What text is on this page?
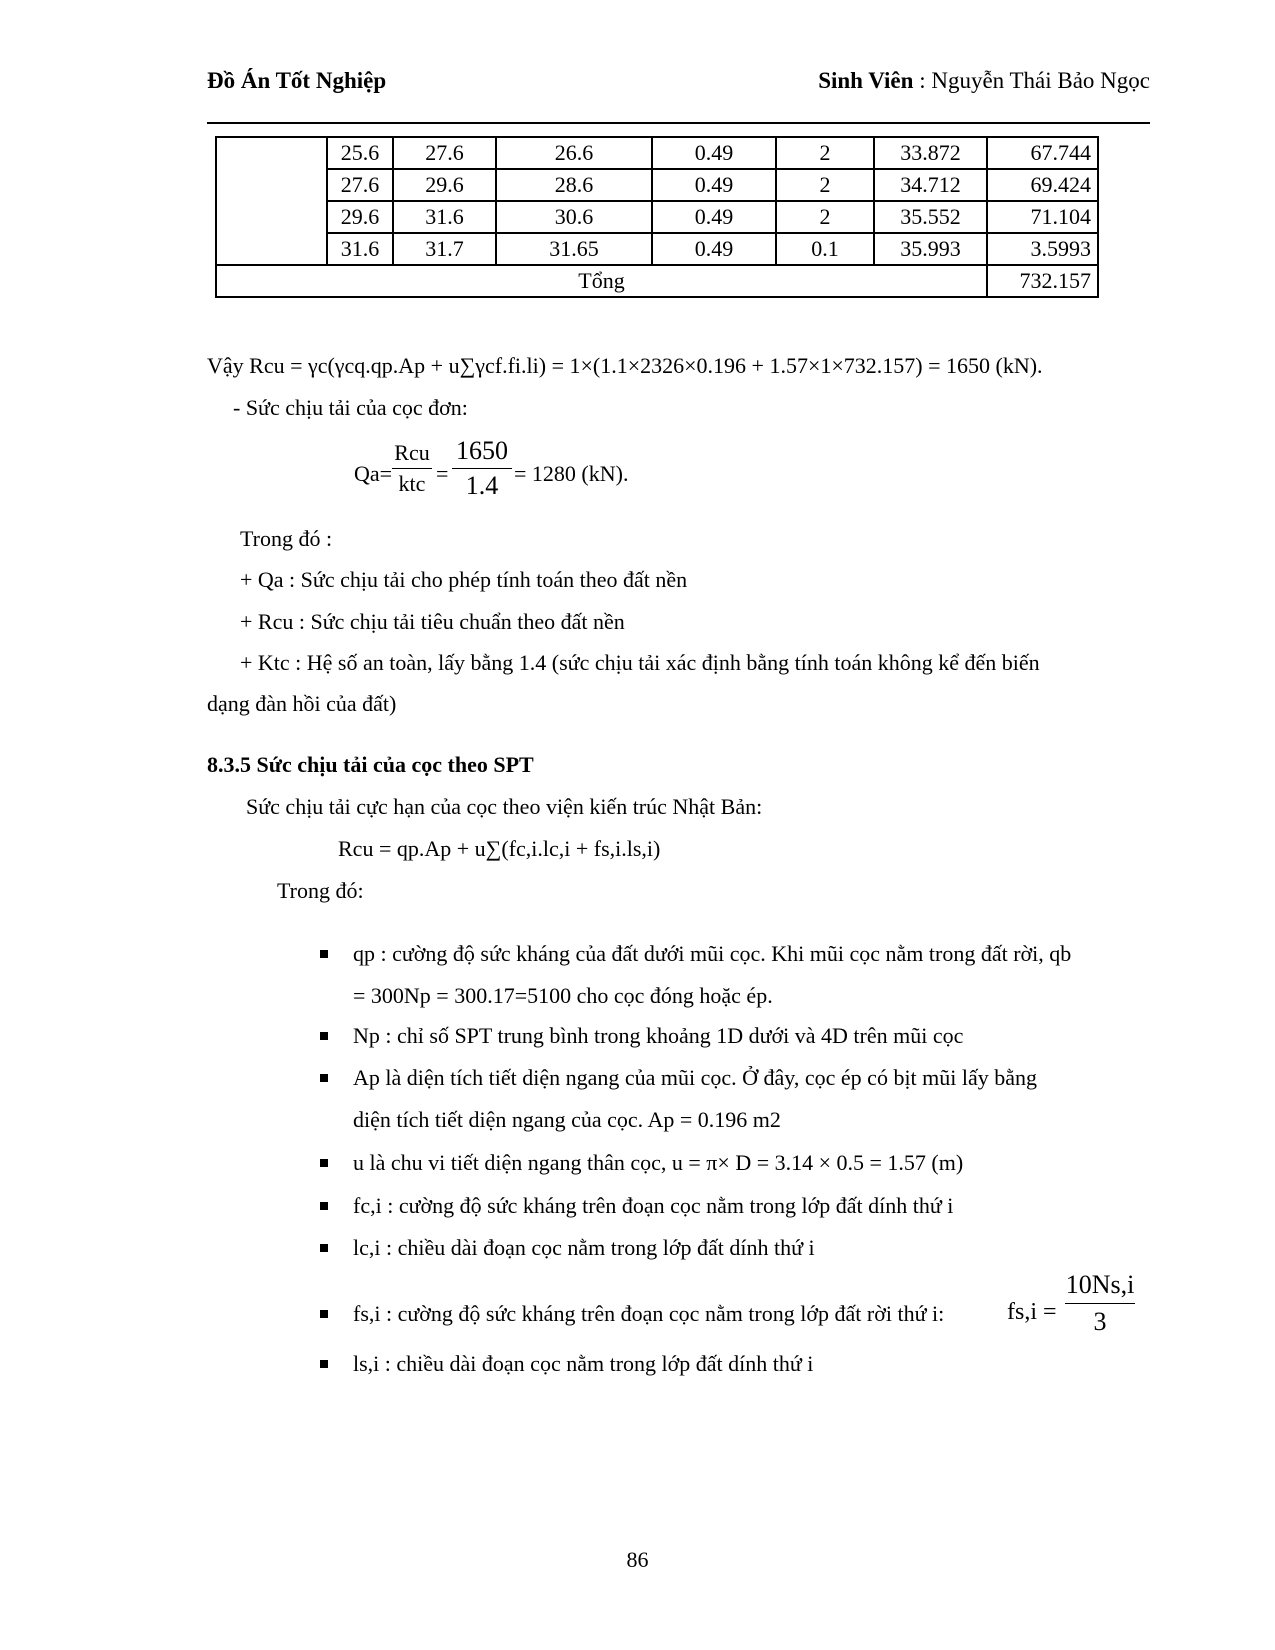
Đồ Án Tốt Nghiệp	Sinh Viên : Nguyễn Thái Bảo Ngọc
	25.6	27.6	26.6	0.49	2	33.872	67.744
	27.6	29.6	28.6	0.49	2	34.712	69.424
	29.6	31.6	30.6	0.49	2	35.552	71.104
	31.6	31.7	31.65	0.49	0.1	35.993	3.5993
Tổng							732.157
Vậy Rcu = γc(γcq.qp.Ap + u∑γcf.fi.li) = 1×(1.1×2326×0.196 + 1.57×1×732.157) = 1650 (kN).
- Sức chịu tải của cọc đơn:
Qa=
Rcu
ktc =
1650
1.4 = 1280 (kN).
Trong đó :
+ Qa : Sức chịu tải cho phép tính toán theo đất nền
+ Rcu : Sức chịu tải tiêu chuẩn theo đất nền
+ Ktc : Hệ số an toàn, lấy bằng 1.4 (sức chịu tải xác định bằng tính toán không kể đến biến
dạng đàn hồi của đất)
8.3.5 Sức chịu tải của cọc theo SPT
Sức chịu tải cực hạn của cọc theo viện kiến trúc Nhật Bản:
Rcu = qp.Ap + u∑(fc,i.lc,i + fs,i.ls,i)
Trong đó:
qp : cường độ sức kháng của đất dưới mũi cọc. Khi mũi cọc nằm trong đất rời, qb
= 300Np = 300.17=5100 cho cọc đóng hoặc ép.
Np : chỉ số SPT trung bình trong khoảng 1D dưới và 4D trên mũi cọc
Ap là diện tích tiết diện ngang của mũi cọc. Ở đây, cọc ép có bịt mũi lấy bằng
diện tích tiết diện ngang của cọc. Ap = 0.196 m2
u là chu vi tiết diện ngang thân cọc, u = π× D = 3.14 × 0.5 = 1.57 (m)
fc,i : cường độ sức kháng trên đoạn cọc nằm trong lớp đất dính thứ i
lc,i : chiều dài đoạn cọc nằm trong lớp đất dính thứ i
fs,i : cường độ sức kháng trên đoạn cọc nằm trong lớp đất rời thứ i:	fs,i =
10Ns,i
3
ls,i : chiều dài đoạn cọc nằm trong lớp đất dính thứ i
86
